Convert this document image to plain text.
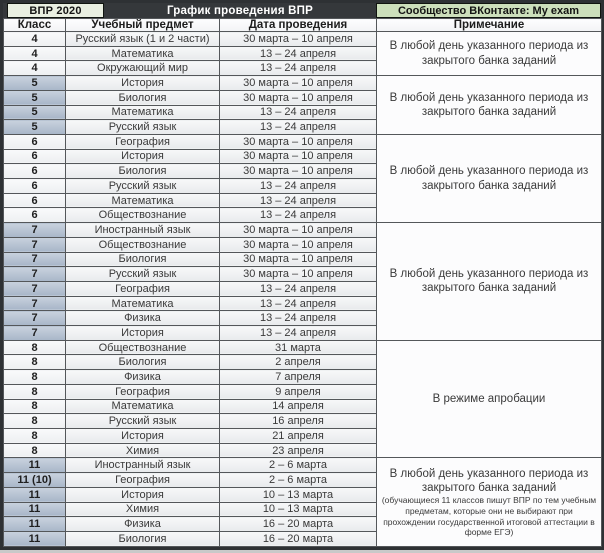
ВПР 2020	График проведения ВПР	Сообщество ВКонтакте: My exam
Класс	Учебный предмет	Дата проведения	Примечание
4	Русский язык (1 и 2 части)	30 марта – 10 апреля	В любой день указанного периода из закрытого банка заданий

4	Математика	13 – 24 апреля	
4	Окружающий мир	13 – 24 апреля	
5	История	30 марта – 10 апреля	В любой день указанного периода из закрытого банка заданий

5	Биология	30 марта – 10 апреля	
5	Математика	13 – 24 апреля	
5	Русский язык	13 – 24 апреля	
6	География	30 марта – 10 апреля	В любой день указанного периода из закрытого банка заданий

6	История	30 марта – 10 апреля	
6	Биология	30 марта – 10 апреля	
6	Русский язык	13 – 24 апреля	
6	Математика	13 – 24 апреля	
6	Обществознание	13 – 24 апреля	
7	Иностранный язык	30 марта – 10 апреля	В любой день указанного периода из закрытого банка заданий

7	Обществознание	30 марта – 10 апреля	
7	Биология	30 марта – 10 апреля	
7	Русский язык	30 марта – 10 апреля	
7	География	13 – 24 апреля	
7	Математика	13 – 24 апреля	
7	Физика	13 – 24 апреля	
7	История	13 – 24 апреля	
8	Обществознание	31 марта	В режиме апробации

8	Биология	2 апреля	
8	Физика	7 апреля	
8	География	9 апреля	
8	Математика	14 апреля	
8	Русский язык	16 апреля	
8	История	21 апреля	
8	Химия	23 апреля	
11	Иностранный язык	2 – 6 марта	В любой день указанного периода из закрытого банка заданий
(обучающиеся 11 классов пишут ВПР по тем учебным предметам, которые они не выбирают при прохождении государственной итоговой аттестации в форме ЕГЭ)

11 (10)	География	2 – 6 марта	
11	История	10 – 13 марта	
11	Химия	10 – 13 марта	
11	Физика	16 – 20 марта	
11	Биология	16 – 20 марта	
